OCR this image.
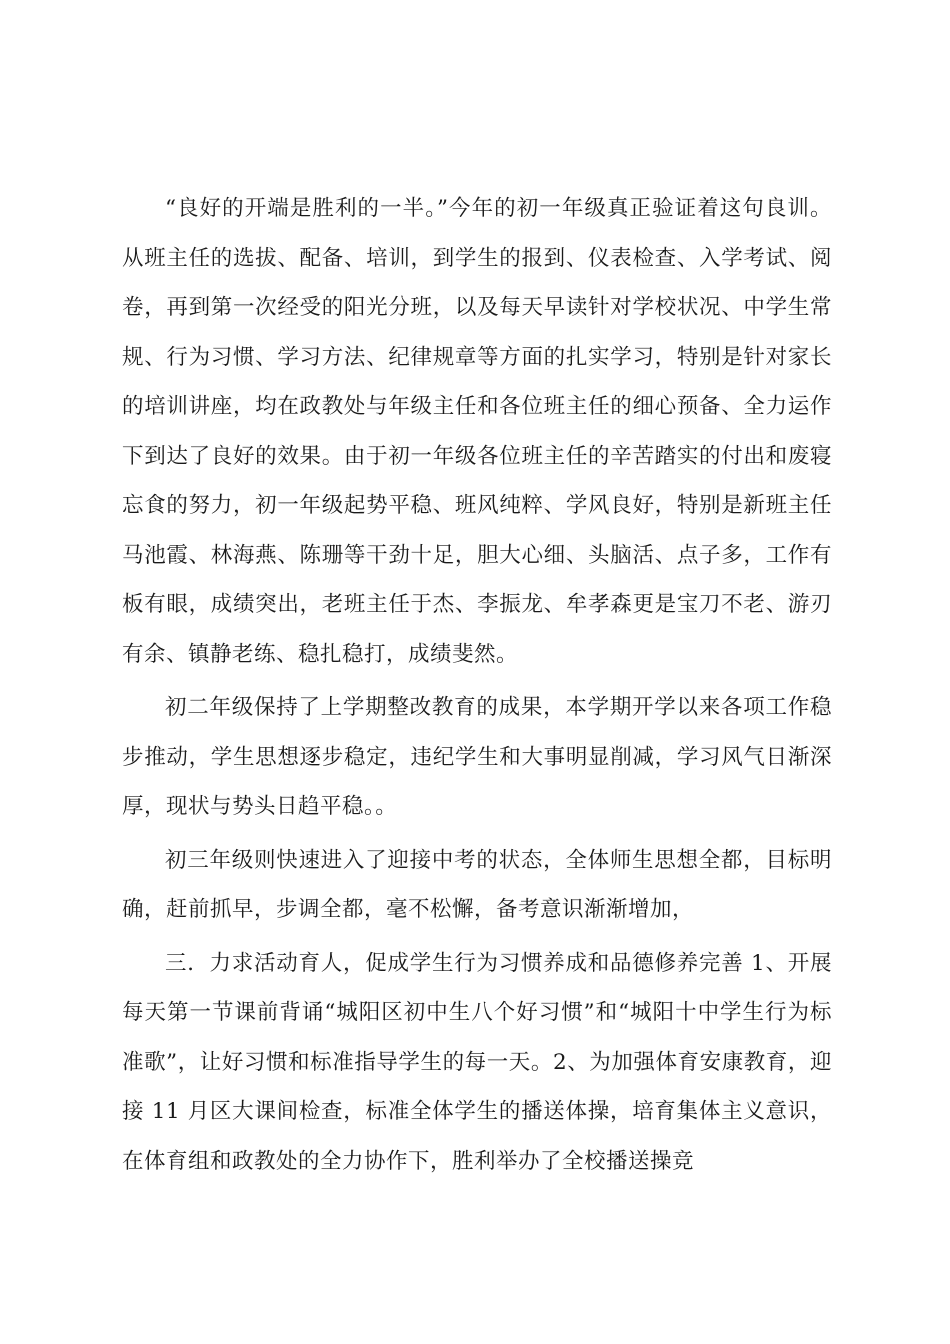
“良好的开端是胜利的一半。”今年的初一年级真正验证着这句良训。从班主任的选拔、配备、培训，到学生的报到、仪表检查、入学考试、阅卷，再到第一次经受的阳光分班，以及每天早读针对学校状况、中学生常规、行为习惯、学习方法、纪律规章等方面的扎实学习，特别是针对家长的培训讲座，均在政教处与年级主任和各位班主任的细心预备、全力运作下到达了良好的效果。由于初一年级各位班主任的辛苦踏实的付出和废寝忘食的努力，初一年级起势平稳、班风纯粹、学风良好，特别是新班主任马池霞、林海燕、陈珊等干劲十足，胆大心细、头脑活、点子多，工作有板有眼，成绩突出，老班主任于杰、李振龙、牟孝森更是宝刀不老、游刃有余、镇静老练、稳扎稳打，成绩斐然。

初二年级保持了上学期整改教育的成果，本学期开学以来各项工作稳步推动，学生思想逐步稳定，违纪学生和大事明显削减，学习风气日渐深厚，现状与势头日趋平稳。。

初三年级则快速进入了迎接中考的状态，全体师生思想全都，目标明确，赶前抓早，步调全都，毫不松懈，备考意识渐渐增加，

三．力求活动育人，促成学生行为习惯养成和品德修养完善 1、开展每天第一节课前背诵“城阳区初中生八个好习惯”和“城阳十中学生行为标准歌”，让好习惯和标准指导学生的每一天。2、为加强体育安康教育，迎接 11 月区大课间检查，标准全体学生的播送体操，培育集体主义意识，在体育组和政教处的全力协作下，胜利举办了全校播送操竞
